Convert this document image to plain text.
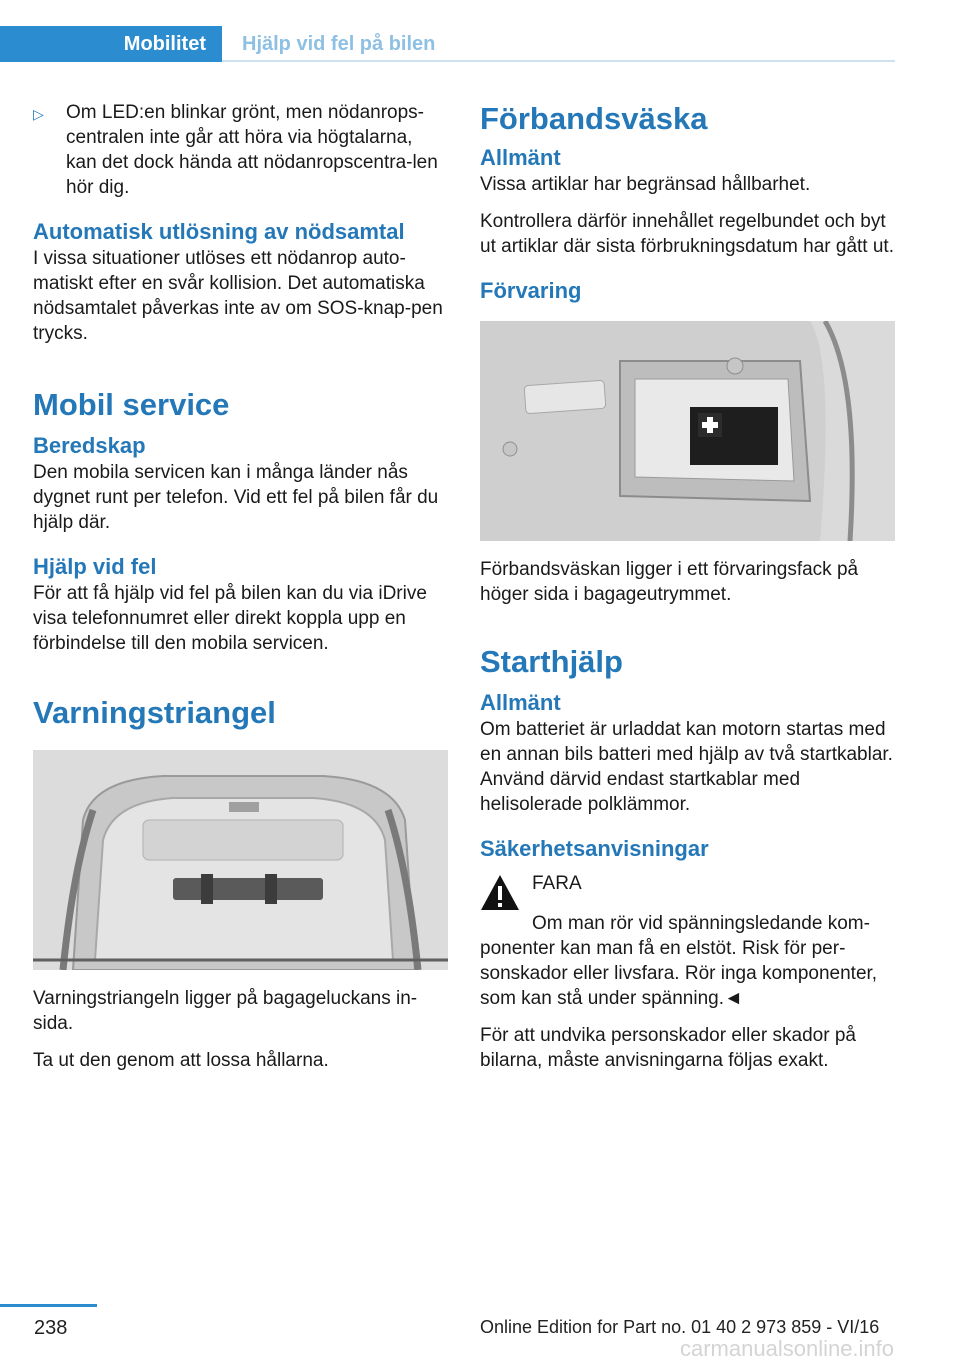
Mobilitet	Hjälp vid fel på bilen
▷	Om LED:en blinkar grönt, men nödanrops-centralen inte går att höra via högtalarna, kan det dock hända att nödanropscentra-len hör dig.
Automatisk utlösning av nödsamtal

I vissa situationer utlöses ett nödanrop auto-matiskt efter en svår kollision. Det automatiska nödsamtalet påverkas inte av om SOS-knap-pen trycks.

Mobil service
Beredskap

Den mobila servicen kan i många länder nås dygnet runt per telefon. Vid ett fel på bilen får du hjälp där.

Hjälp vid fel

För att få hjälp vid fel på bilen kan du via iDrive visa telefonnumret eller direkt koppla upp en förbindelse till den mobila servicen.

Varningstriangel

Varningstriangeln ligger på bagageluckans in-sida.

Ta ut den genom att lossa hållarna.

Förbandsväska
Allmänt

Vissa artiklar har begränsad hållbarhet.

Kontrollera därför innehållet regelbundet och byt ut artiklar där sista förbrukningsdatum har gått ut.

Förvaring

Förbandsväskan ligger i ett förvaringsfack på höger sida i bagageutrymmet.

Starthjälp
Allmänt

Om batteriet är urladdat kan motorn startas med en annan bils batteri med hjälp av två startkablar. Använd därvid endast startkablar med helisolerade polklämmor.

Säkerhetsanvisningar

FARA

Om man rör vid spänningsledande kom-ponenter kan man få en elstöt. Risk för per-sonskador eller livsfara. Rör inga komponenter, som kan stå under spänning.◄

För att undvika personskador eller skador på bilarna, måste anvisningarna följas exakt.

238	Online Edition for Part no. 01 40 2 973 859 - VI/16
carmanualsonline.info
